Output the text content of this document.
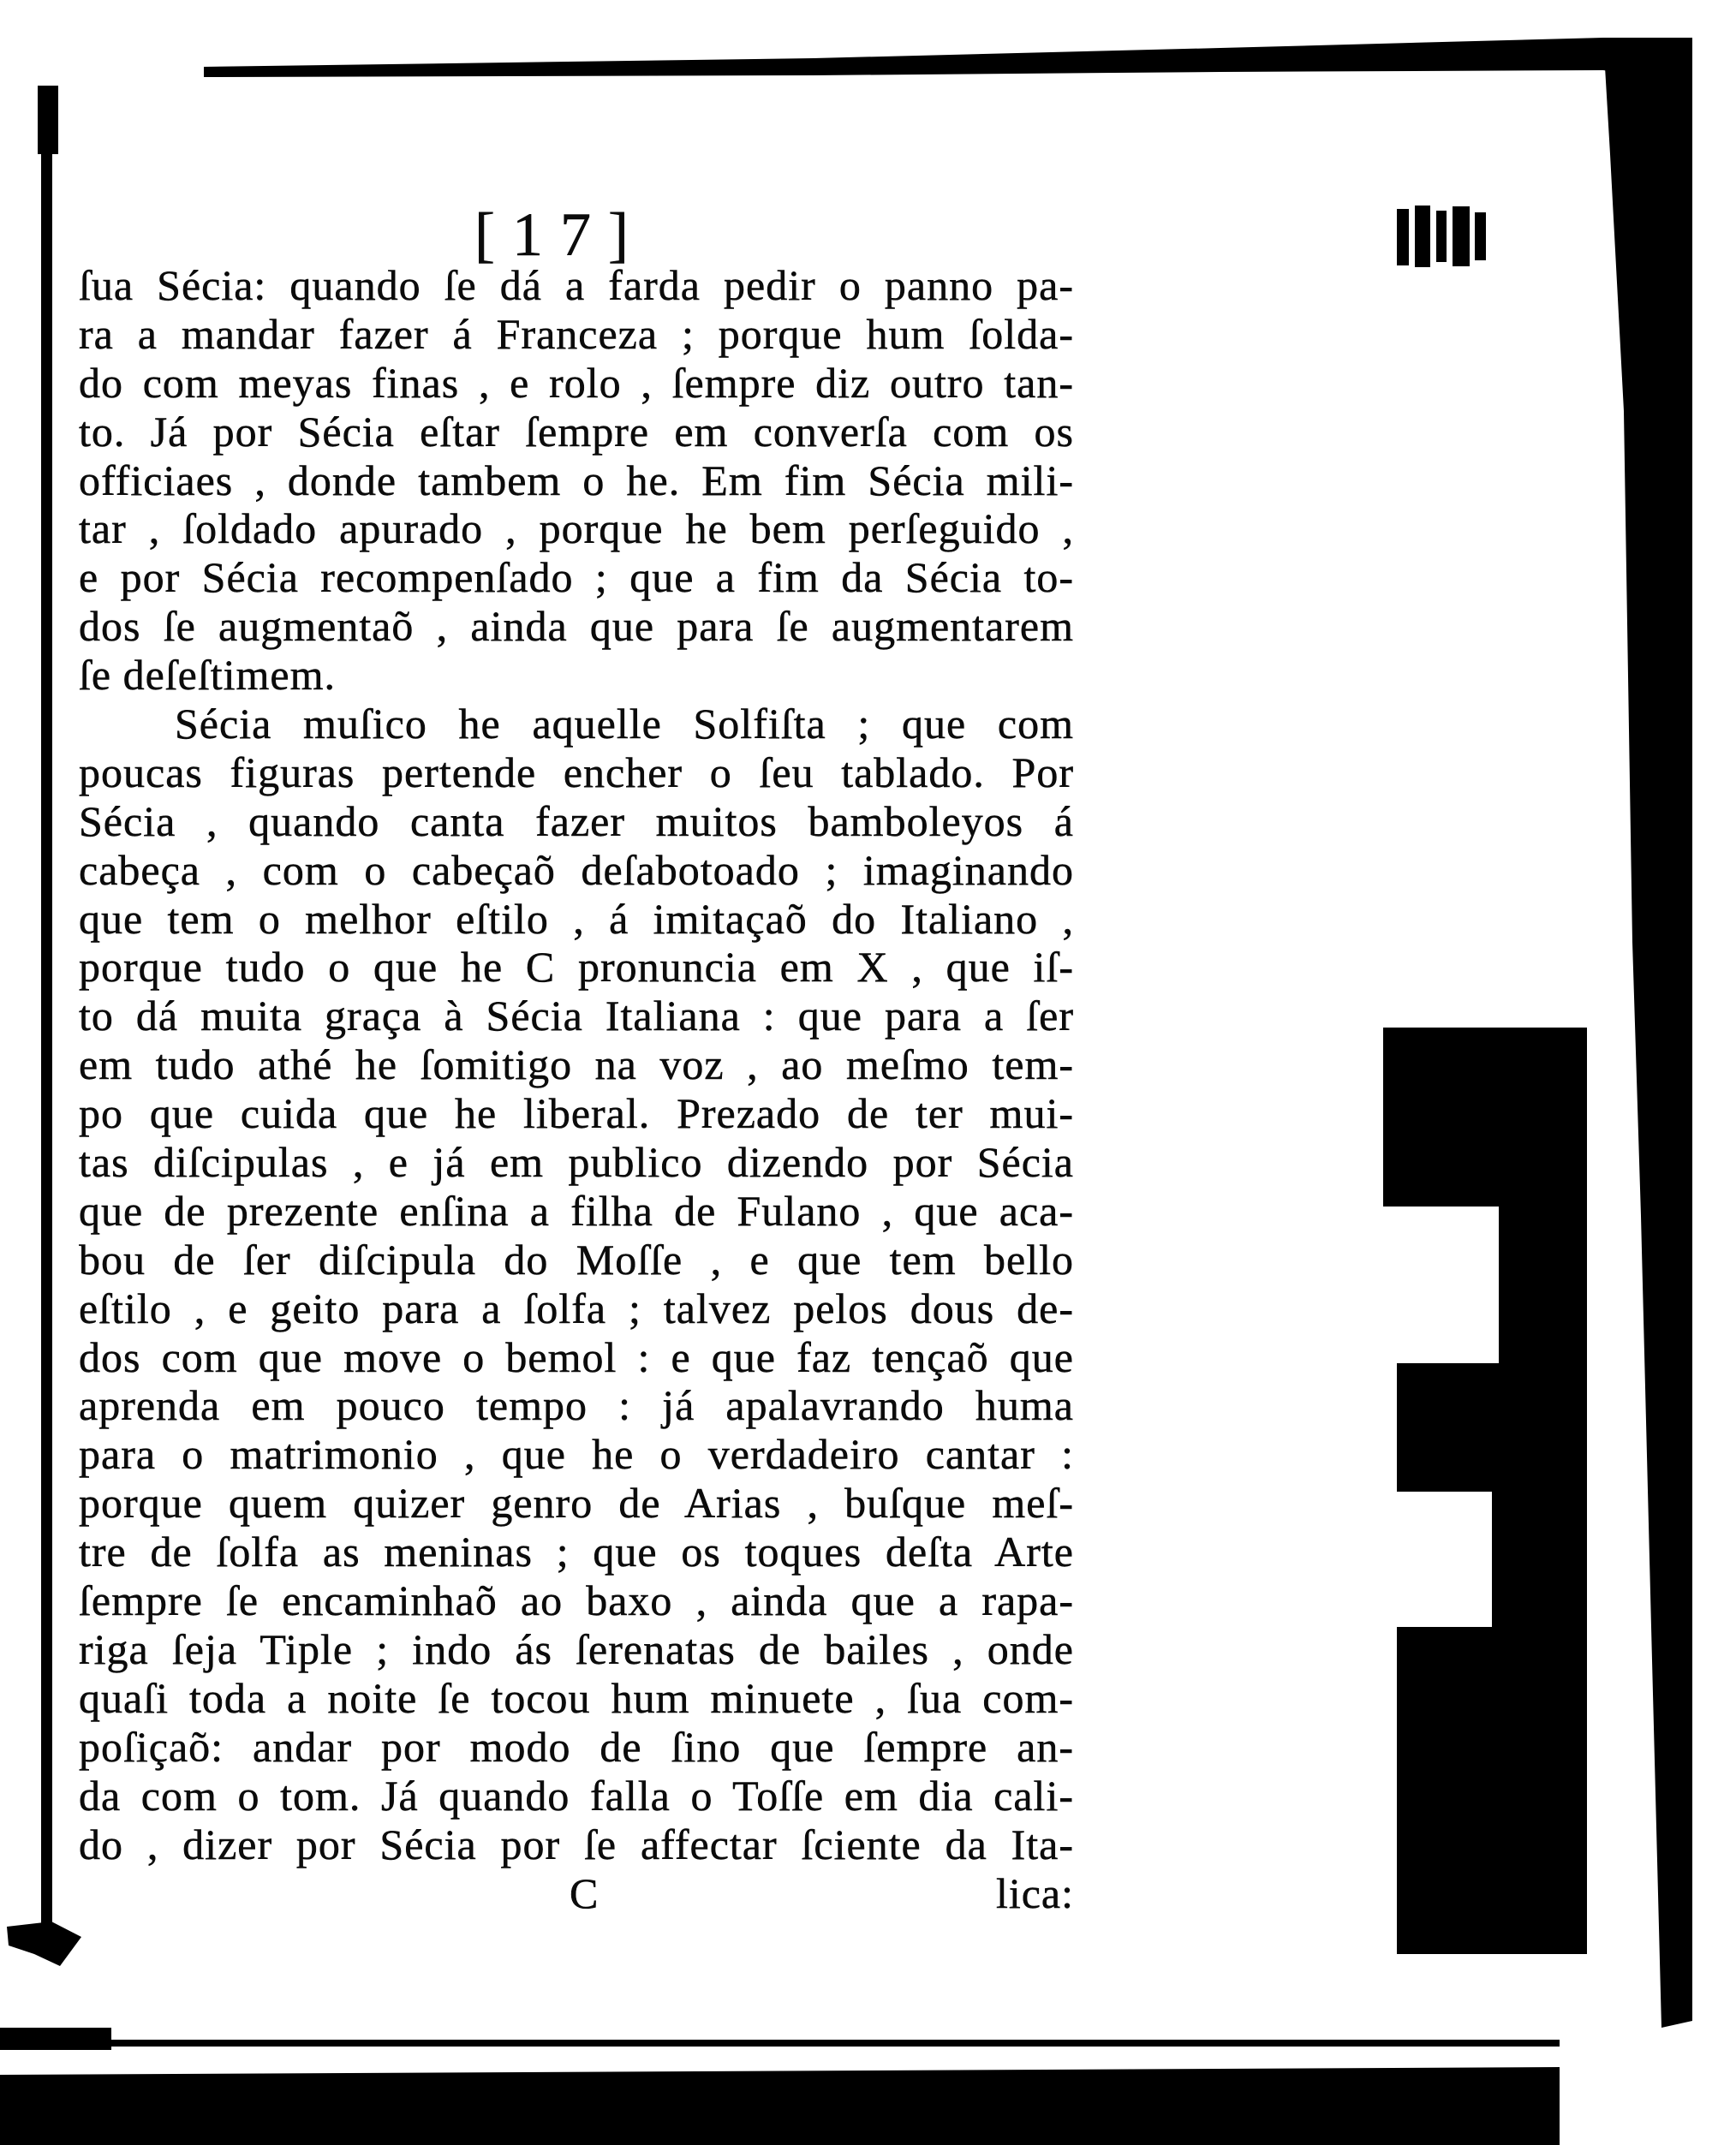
[17]
ſua Sécia: quando ſe dá a farda pedir o panno pa-
ra a mandar fazer á Franceza ; porque hum ſolda-
do com meyas finas , e rolo , ſempre diz outro tan-
to. Já por Sécia eſtar ſempre em converſa com os
officiaes , donde tambem o he. Em fim Sécia mili-
tar , ſoldado apurado , porque he bem perſeguido ,
e por Sécia recompenſado ; que a fim da Sécia to-
dos ſe augmentaõ , ainda que para ſe augmentarem
ſe deſeſtimem.
Sécia muſico he aquelle Solfiſta ; que com
poucas figuras pertende encher o ſeu tablado. Por
Sécia , quando canta fazer muitos bamboleyos á
cabeça , com o cabeçaõ deſabotoado ; imaginando
que tem o melhor eſtilo , á imitaçaõ do Italiano ,
porque tudo o que he C pronuncia em X , que iſ-
to dá muita graça à Sécia Italiana : que para a ſer
em tudo athé he ſomitigo na voz , ao meſmo tem-
po que cuida que he liberal. Prezado de ter mui-
tas diſcipulas , e já em publico dizendo por Sécia
que de prezente enſina a filha de Fulano , que aca-
bou de ſer diſcipula do Moſſe , e que tem bello
eſtilo , e geito para a ſolfa ; talvez pelos dous de-
dos com que move o bemol : e que faz tençaõ que
aprenda em pouco tempo : já apalavrando huma
para o matrimonio , que he o verdadeiro cantar :
porque quem quizer genro de Arias , buſque meſ-
tre de ſolfa as meninas ; que os toques deſta Arte
ſempre ſe encaminhaõ ao baxo , ainda que a rapa-
riga ſeja Tiple ; indo ás ſerenatas de bailes , onde
quaſi toda a noite ſe tocou hum minuete , ſua com-
poſiçaõ: andar por modo de ſino que ſempre an-
da com o tom. Já quando falla o Toſſe em dia cali-
do , dizer por Sécia por ſe affectar ſciente da Ita-
C	lica:
